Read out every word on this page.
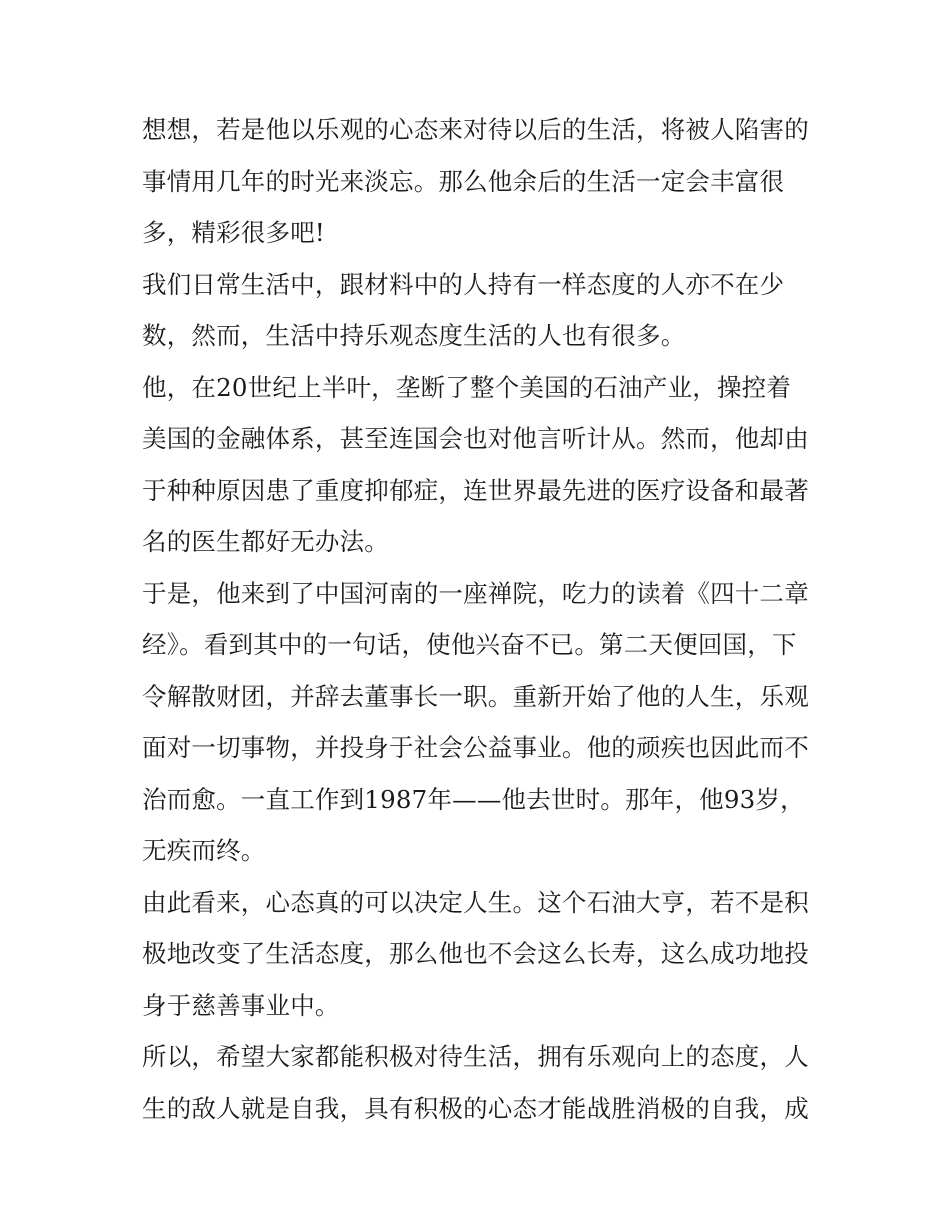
想想，若是他以乐观的心态来对待以后的生活，将被人陷害的事情用几年的时光来淡忘。那么他余后的生活一定会丰富很多，精彩很多吧!

我们日常生活中，跟材料中的人持有一样态度的人亦不在少数，然而，生活中持乐观态度生活的人也有很多。

他，在20世纪上半叶，垄断了整个美国的石油产业，操控着美国的金融体系，甚至连国会也对他言听计从。然而，他却由于种种原因患了重度抑郁症，连世界最先进的医疗设备和最著名的医生都好无办法。

于是，他来到了中国河南的一座禅院，吃力的读着《四十二章经》。看到其中的一句话，使他兴奋不已。第二天便回国，下令解散财团，并辞去董事长一职。重新开始了他的人生，乐观面对一切事物，并投身于社会公益事业。他的顽疾也因此而不治而愈。一直工作到1987年——他去世时。那年，他93岁，无疾而终。

由此看来，心态真的可以决定人生。这个石油大亨，若不是积极地改变了生活态度，那么他也不会这么长寿，这么成功地投身于慈善事业中。

所以，希望大家都能积极对待生活，拥有乐观向上的态度，人生的敌人就是自我，具有积极的心态才能战胜消极的自我，成
